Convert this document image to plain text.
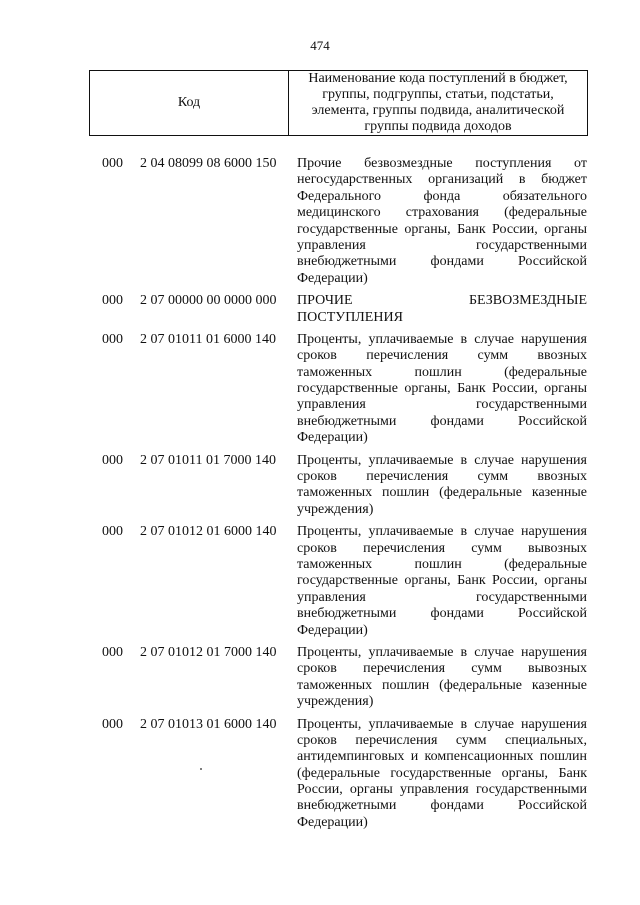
474
Код	
Наименование кода поступлений в бюджет,
группы, подгруппы, статьи, подстатьи,
элемента, группы подвида, аналитической
группы подвида доходов
000	2 04 08099 08 6000 150	Прочие безвозмездные поступления от
негосударственных организаций в бюджет
Федерального фонда обязательного
медицинского страхования (федеральные
государственные органы, Банк России, органы
управления государственными
внебюджетными фондами Российской
Федерации)
000	2 07 00000 00 0000 000	ПРОЧИЕ БЕЗВОЗМЕЗДНЫЕ
ПОСТУПЛЕНИЯ
000	2 07 01011 01 6000 140	Проценты, уплачиваемые в случае нарушения
сроков перечисления сумм ввозных
таможенных пошлин (федеральные
государственные органы, Банк России, органы
управления государственными
внебюджетными фондами Российской
Федерации)
000	2 07 01011 01 7000 140	Проценты, уплачиваемые в случае нарушения
сроков перечисления сумм ввозных
таможенных пошлин (федеральные казенные
учреждения)
000	2 07 01012 01 6000 140	Проценты, уплачиваемые в случае нарушения
сроков перечисления сумм вывозных
таможенных пошлин (федеральные
государственные органы, Банк России, органы
управления государственными
внебюджетными фондами Российской
Федерации)
000	2 07 01012 01 7000 140	Проценты, уплачиваемые в случае нарушения
сроков перечисления сумм вывозных
таможенных пошлин (федеральные казенные
учреждения)
000	2 07 01013 01 6000 140	Проценты, уплачиваемые в случае нарушения
сроков перечисления сумм специальных,
антидемпинговых и компенсационных пошлин
(федеральные государственные органы, Банк
России, органы управления государственными
внебюджетными фондами Российской
Федерации)
